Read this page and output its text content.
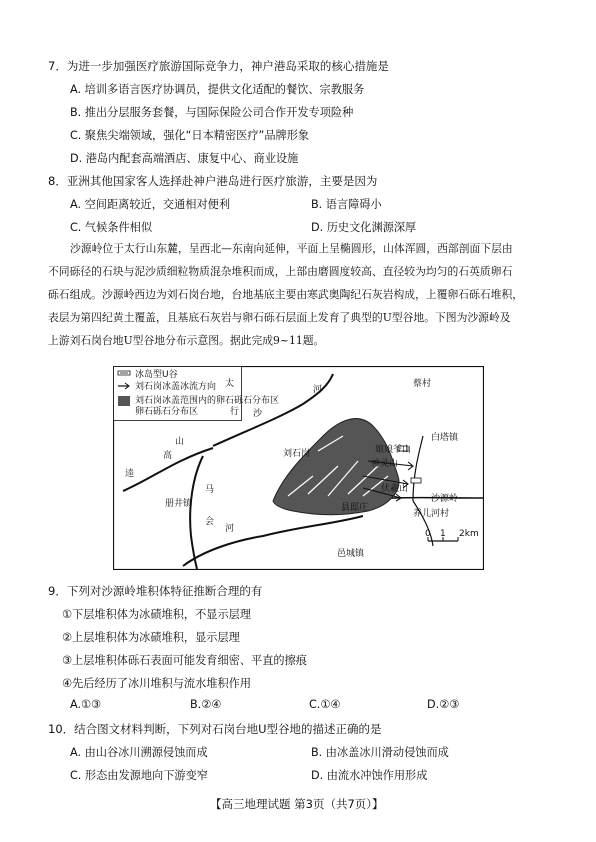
7．为进一步加强医疗旅游国际竞争力，神户港岛采取的核心措施是
A. 培训多语言医疗协调员，提供文化适配的餐饮、宗教服务
B. 推出分层服务套餐，与国际保险公司合作开发专项险种
C. 聚焦尖端领域，强化“日本精密医疗”品牌形象
D. 港岛内配套高端酒店、康复中心、商业设施
8．亚洲其他国家客人选择赴神户港岛进行医疗旅游，主要是因为
A. 空间距离较近，交通相对便利	B. 语言障碍小
C. 气候条件相似	D. 历史文化渊源深厚

沙源岭位于太行山东麓，呈西北—东南向延伸，平面上呈椭圆形，山体浑圆，西部剖面下层由

不同砾径的石块与泥沙质细粒物质混杂堆积而成，上部由磨圆度较高、直径较为均匀的石英质卵石

砾石组成。沙源岭西边为刘石岗台地，台地基底主要由寒武奥陶纪石灰岩构成，上覆卵石砾石堆积，

表层为第四纪黄土覆盖，且基底石灰岩与卵石砾石层面上发育了典型的U型谷地。下图为沙源岭及

上游刘石岗台地U型谷地分布示意图。据此完成9~11题。

冰岛型U谷
刘石岗冰盖冰流方向
刘石岗冰盖范围内的卵石砾石分布区
卵石砾石分布区
蔡村
白塔镇
沙源岭
养儿河村
邑城镇
册井镇	县邸庄
刘石岗
伏羲山
神灵山
娘娘爷山
太
行 沙
河
山
逵
高
马
会
河	0 1 2km
9．下列对沙源岭堆积体特征推断合理的有
①下层堆积体为冰碛堆积，不显示层理
②上层堆积体为冰碛堆积，显示层理
③上层堆积体砾石表面可能发育细密、平直的擦痕
④先后经历了冰川堆积与流水堆积作用
A.①③	B.②④	C.①④	D.②③
10．结合图文材料判断，下列对石岗台地U型谷地的描述正确的是
A. 由山谷冰川溯源侵蚀而成	B. 由冰盖冰川滑动侵蚀而成
C. 形态由发源地向下游变窄	D. 由流水冲蚀作用形成
【高三地理试题 第3页（共7页）】
